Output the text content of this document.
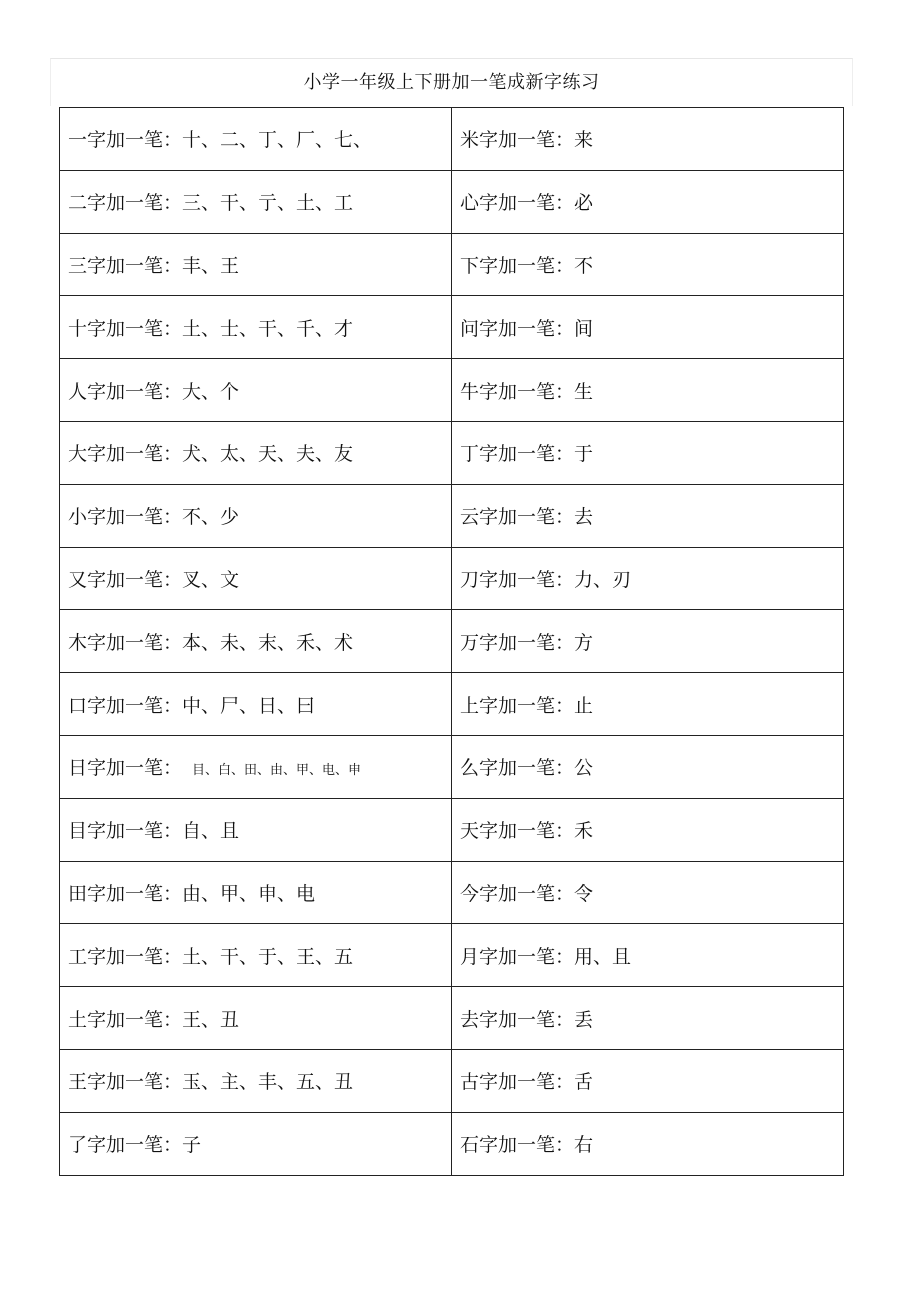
小学一年级上下册加一笔成新字练习
一字加一笔：十、二、丁、厂、七、	米字加一笔：来
二字加一笔：三、干、亍、土、工	心字加一笔：必
三字加一笔：丰、王	下字加一笔：不
十字加一笔：土、士、干、千、才	问字加一笔：间
人字加一笔：大、个	牛字加一笔：生
大字加一笔：犬、太、天、夫、友	丁字加一笔：于
小字加一笔：不、少	云字加一笔：去
又字加一笔：叉、文	刀字加一笔：力、刃
木字加一笔：本、未、末、禾、术	万字加一笔：方
口字加一笔：中、尸、日、曰	上字加一笔：止
日字加一笔： 目、白、田、由、甲、电、申	么字加一笔：公
目字加一笔：自、且	天字加一笔：禾
田字加一笔：由、甲、申、电	今字加一笔：令
工字加一笔：土、干、于、王、五	月字加一笔：用、且
土字加一笔：王、丑	去字加一笔：丢
王字加一笔：玉、主、丰、五、丑	古字加一笔：舌
了字加一笔：子	石字加一笔：右
